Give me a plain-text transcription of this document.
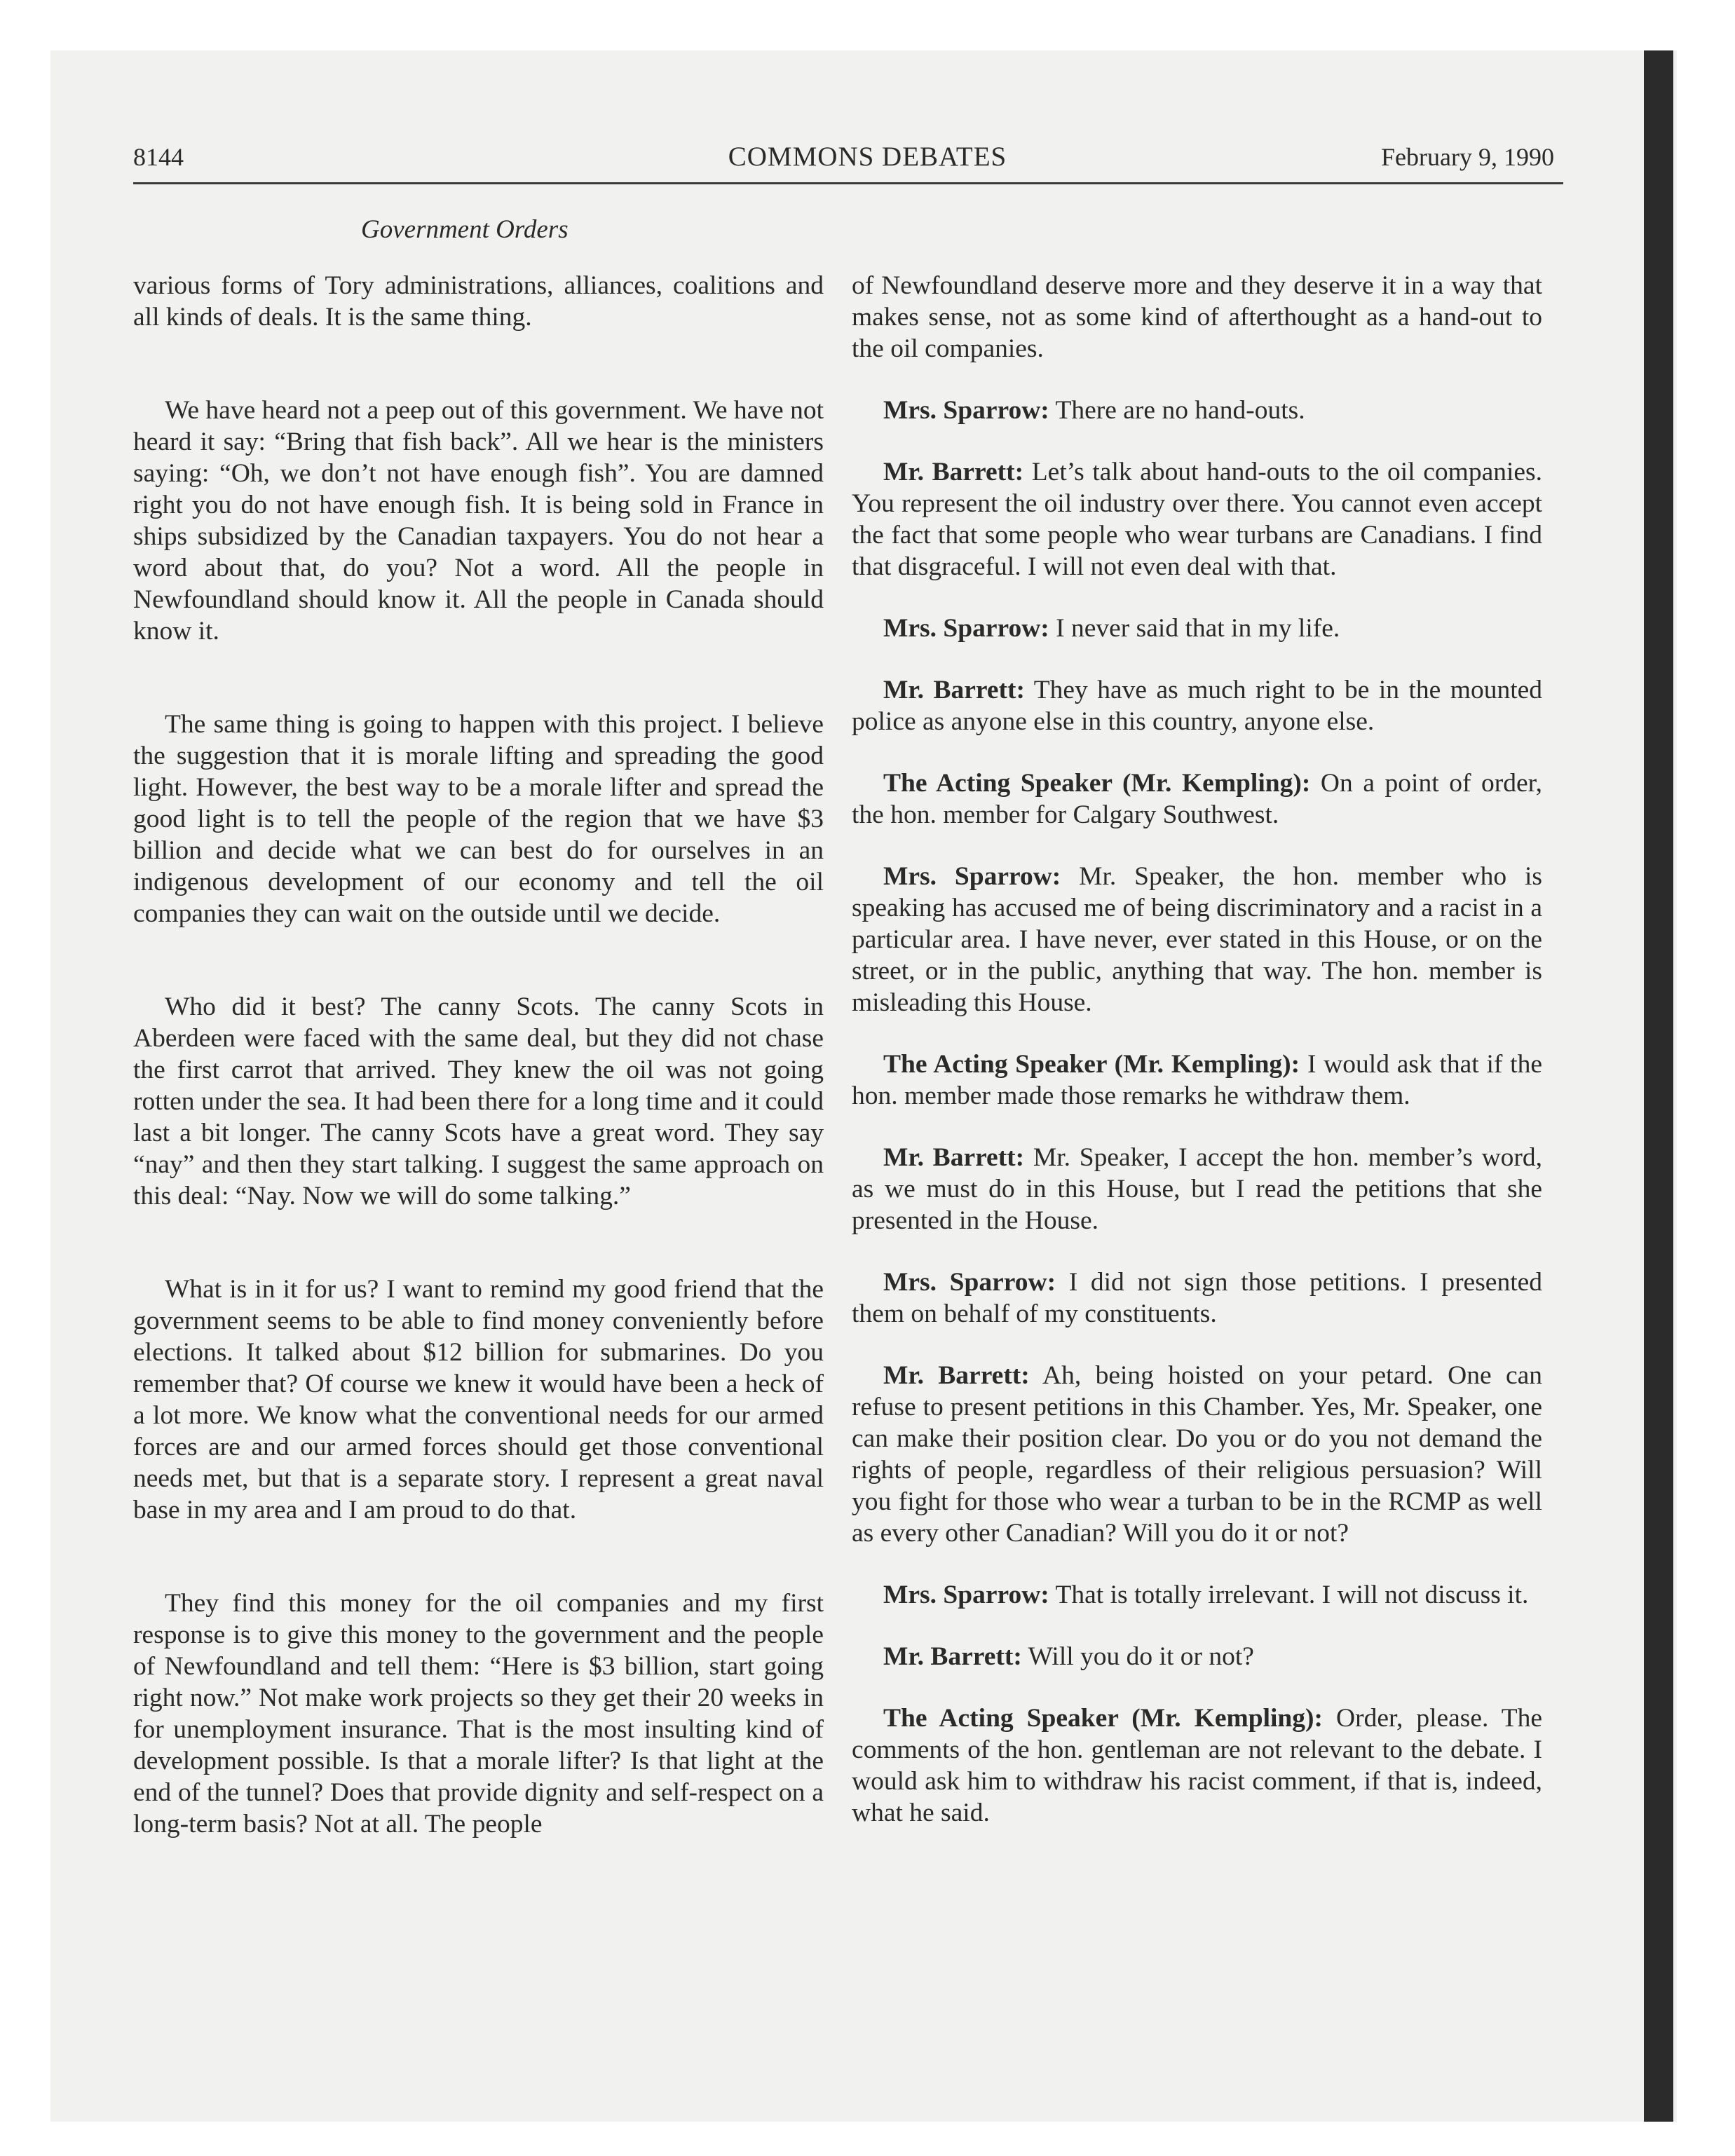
8144	COMMONS DEBATES	February 9, 1990
Government Orders

various forms of Tory administrations, alliances, coalitions and all kinds of deals. It is the same thing.

We have heard not a peep out of this government. We have not heard it say: “Bring that fish back”. All we hear is the ministers saying: “Oh, we don’t not have enough fish”. You are damned right you do not have enough fish. It is being sold in France in ships subsidized by the Canadian taxpayers. You do not hear a word about that, do you? Not a word. All the people in Newfoundland should know it. All the people in Canada should know it.

The same thing is going to happen with this project. I believe the suggestion that it is morale lifting and spreading the good light. However, the best way to be a morale lifter and spread the good light is to tell the people of the region that we have $3 billion and decide what we can best do for ourselves in an indigenous development of our economy and tell the oil companies they can wait on the outside until we decide.

Who did it best? The canny Scots. The canny Scots in Aberdeen were faced with the same deal, but they did not chase the first carrot that arrived. They knew the oil was not going rotten under the sea. It had been there for a long time and it could last a bit longer. The canny Scots have a great word. They say “nay” and then they start talking. I suggest the same approach on this deal: “Nay. Now we will do some talking.”

What is in it for us? I want to remind my good friend that the government seems to be able to find money conveniently before elections. It talked about $12 billion for submarines. Do you remember that? Of course we knew it would have been a heck of a lot more. We know what the conventional needs for our armed forces are and our armed forces should get those conventional needs met, but that is a separate story. I represent a great naval base in my area and I am proud to do that.

They find this money for the oil companies and my first response is to give this money to the government and the people of Newfoundland and tell them: “Here is $3 billion, start going right now.” Not make work projects so they get their 20 weeks in for unemployment insurance. That is the most insulting kind of development possible. Is that a morale lifter? Is that light at the end of the tunnel? Does that provide dignity and self-respect on a long-term basis? Not at all. The people

of Newfoundland deserve more and they deserve it in a way that makes sense, not as some kind of afterthought as a hand-out to the oil companies.

Mrs. Sparrow: There are no hand-outs.

Mr. Barrett: Let’s talk about hand-outs to the oil companies. You represent the oil industry over there. You cannot even accept the fact that some people who wear turbans are Canadians. I find that disgraceful. I will not even deal with that.

Mrs. Sparrow: I never said that in my life.

Mr. Barrett: They have as much right to be in the mounted police as anyone else in this country, anyone else.

The Acting Speaker (Mr. Kempling): On a point of order, the hon. member for Calgary Southwest.

Mrs. Sparrow: Mr. Speaker, the hon. member who is speaking has accused me of being discriminatory and a racist in a particular area. I have never, ever stated in this House, or on the street, or in the public, anything that way. The hon. member is misleading this House.

The Acting Speaker (Mr. Kempling): I would ask that if the hon. member made those remarks he withdraw them.

Mr. Barrett: Mr. Speaker, I accept the hon. member’s word, as we must do in this House, but I read the petitions that she presented in the House.

Mrs. Sparrow: I did not sign those petitions. I presented them on behalf of my constituents.

Mr. Barrett: Ah, being hoisted on your petard. One can refuse to present petitions in this Chamber. Yes, Mr. Speaker, one can make their position clear. Do you or do you not demand the rights of people, regardless of their religious persuasion? Will you fight for those who wear a turban to be in the RCMP as well as every other Canadian? Will you do it or not?

Mrs. Sparrow: That is totally irrelevant. I will not discuss it.

Mr. Barrett: Will you do it or not?

The Acting Speaker (Mr. Kempling): Order, please. The comments of the hon. gentleman are not relevant to the debate. I would ask him to withdraw his racist comment, if that is, indeed, what he said.
